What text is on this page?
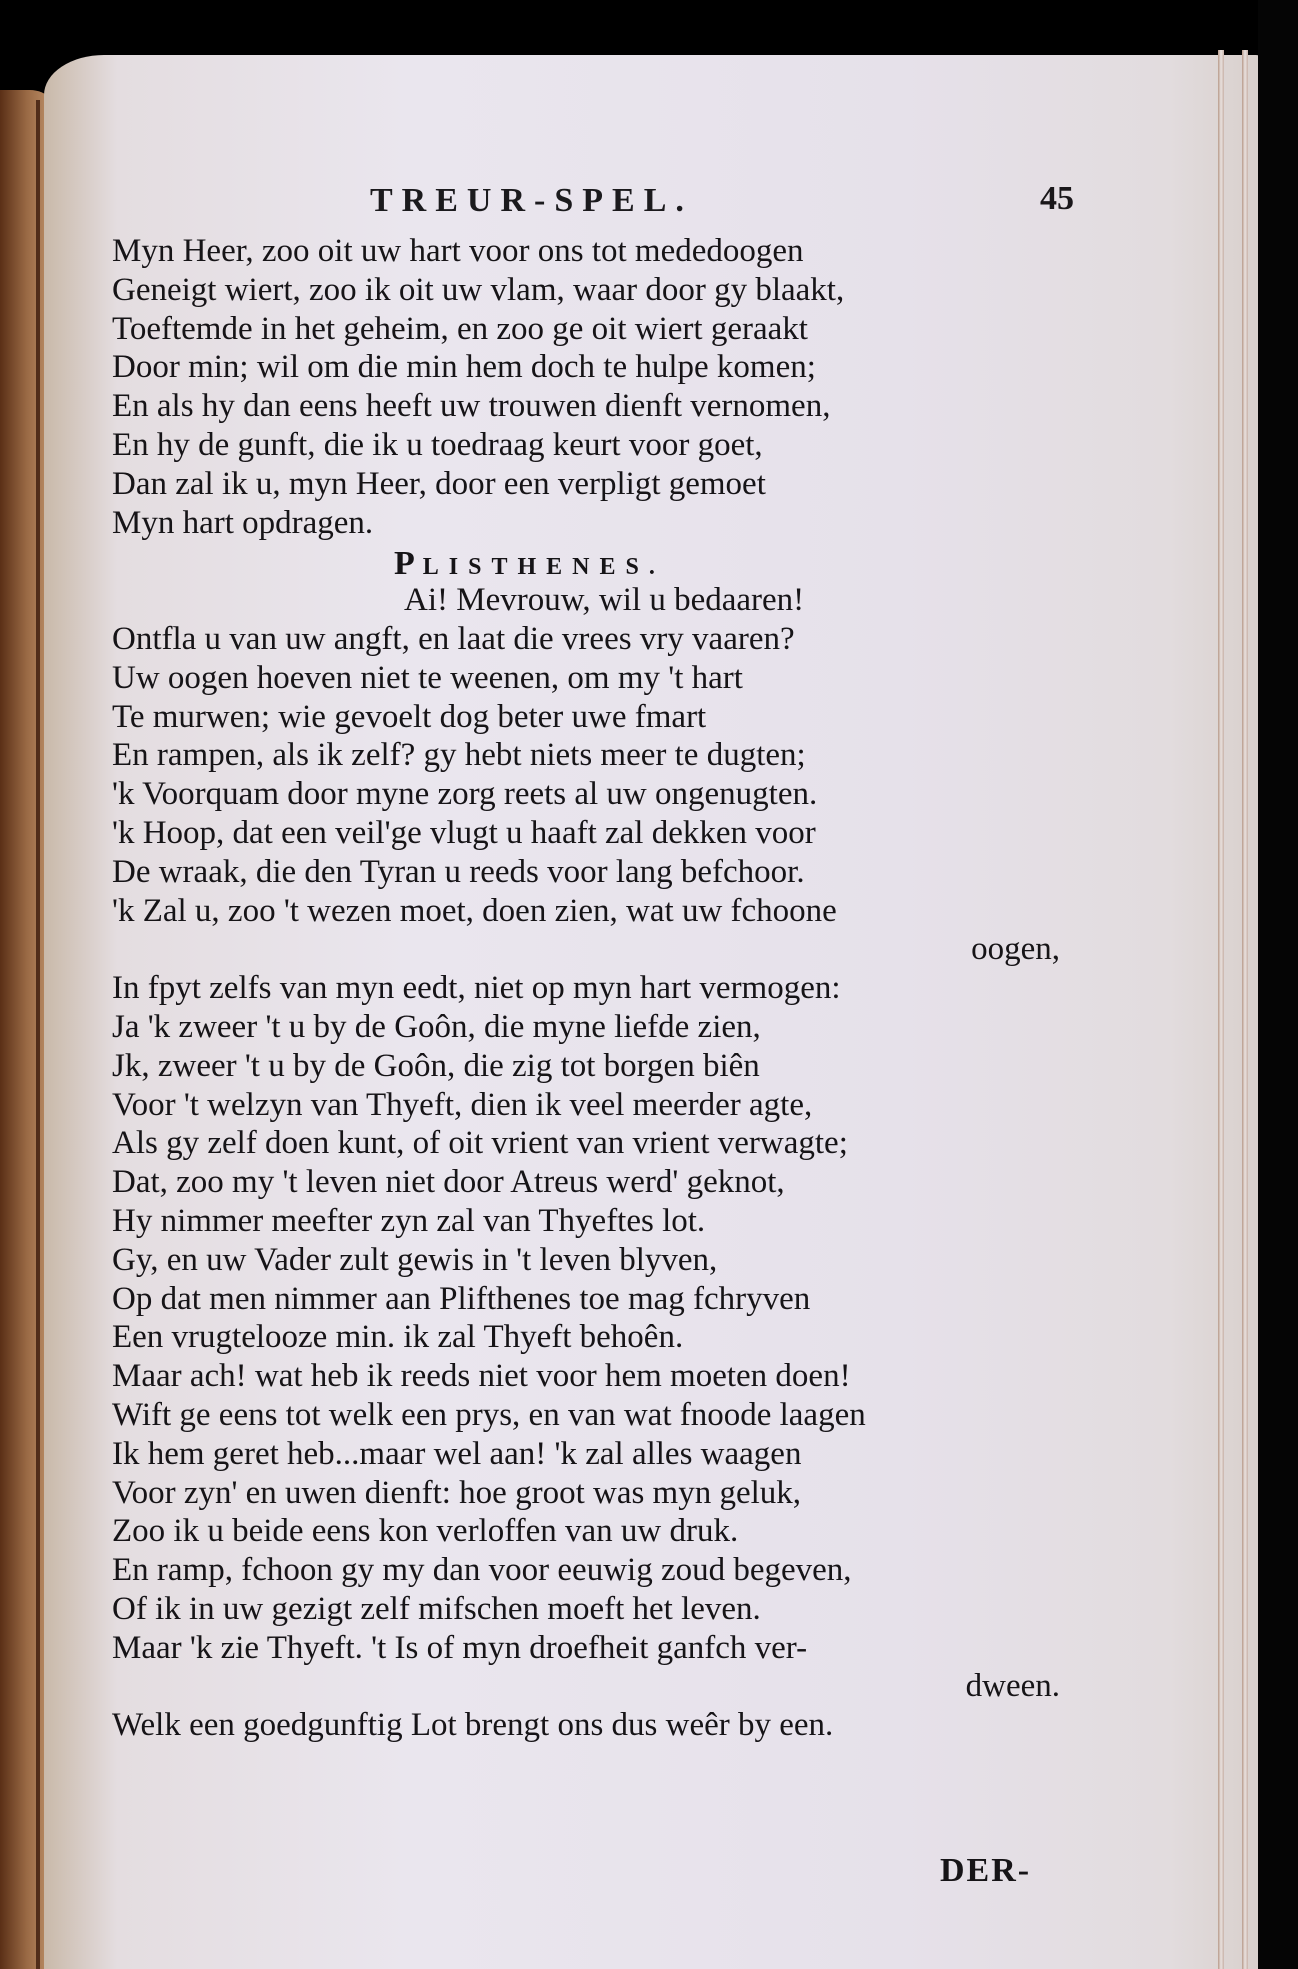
TREUR-SPEL.	45
Myn Heer, zoo oit uw hart voor ons tot mededoogen
Geneigt wiert, zoo ik oit uw vlam, waar door gy blaakt,
Toeftemde in het geheim, en zoo ge oit wiert geraakt
Door min; wil om die min hem doch te hulpe komen;
En als hy dan eens heeft uw trouwen dienft vernomen,
En hy de gunft, die ik u toedraag keurt voor goet,
Dan zal ik u, myn Heer, door een verpligt gemoet
Myn hart opdragen.
PLISTHENES.
Ai! Mevrouw, wil u bedaaren!
Ontfla u van uw angft, en laat die vrees vry vaaren?
Uw oogen hoeven niet te weenen, om my 't hart
Te murwen; wie gevoelt dog beter uwe fmart
En rampen, als ik zelf? gy hebt niets meer te dugten;
'k Voorquam door myne zorg reets al uw ongenugten.
'k Hoop, dat een veil'ge vlugt u haaft zal dekken voor
De wraak, die den Tyran u reeds voor lang befchoor.
'k Zal u, zoo 't wezen moet, doen zien, wat uw fchoone
oogen,
In fpyt zelfs van myn eedt, niet op myn hart vermogen:
Ja 'k zweer 't u by de Goôn, die myne liefde zien,
Jk, zweer 't u by de Goôn, die zig tot borgen biên
Voor 't welzyn van Thyeft, dien ik veel meerder agte,
Als gy zelf doen kunt, of oit vrient van vrient verwagte;
Dat, zoo my 't leven niet door Atreus werd' geknot,
Hy nimmer meefter zyn zal van Thyeftes lot.
Gy, en uw Vader zult gewis in 't leven blyven,
Op dat men nimmer aan Plifthenes toe mag fchryven
Een vrugtelooze min. ik zal Thyeft behoên.
Maar ach! wat heb ik reeds niet voor hem moeten doen!
Wift ge eens tot welk een prys, en van wat fnoode laagen
Ik hem geret heb...maar wel aan! 'k zal alles waagen
Voor zyn' en uwen dienft: hoe groot was myn geluk,
Zoo ik u beide eens kon verloffen van uw druk.
En ramp, fchoon gy my dan voor eeuwig zoud begeven,
Of ik in uw gezigt zelf mifschen moeft het leven.
Maar 'k zie Thyeft. 't Is of myn droefheit ganfch ver-
dween.
Welk een goedgunftig Lot brengt ons dus weêr by een.
DER-
